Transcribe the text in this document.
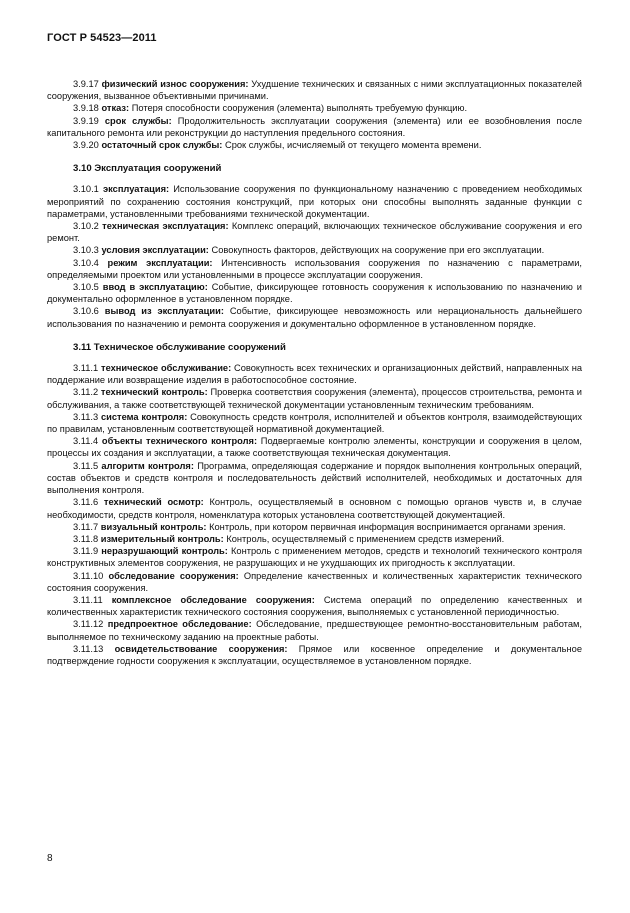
ГОСТ Р 54523—2011

3.9.17 физический износ сооружения: Ухудшение технических и связанных с ними эксплуатационных показателей сооружения, вызванное объективными причинами.

3.9.18 отказ: Потеря способности сооружения (элемента) выполнять требуемую функцию.

3.9.19 срок службы: Продолжительность эксплуатации сооружения (элемента) или ее возобновления после капитального ремонта или реконструкции до наступления предельного состояния.

3.9.20 остаточный срок службы: Срок службы, исчисляемый от текущего момента времени.

3.10 Эксплуатация сооружений

3.10.1 эксплуатация: Использование сооружения по функциональному назначению с проведением необходимых мероприятий по сохранению состояния конструкций, при которых они способны выполнять заданные функции с параметрами, установленными требованиями технической документации.

3.10.2 техническая эксплуатация: Комплекс операций, включающих техническое обслуживание сооружения и его ремонт.

3.10.3 условия эксплуатации: Совокупность факторов, действующих на сооружение при его эксплуатации.

3.10.4 режим эксплуатации: Интенсивность использования сооружения по назначению с параметрами, определяемыми проектом или установленными в процессе эксплуатации сооружения.

3.10.5 ввод в эксплуатацию: Событие, фиксирующее готовность сооружения к использованию по назначению и документально оформленное в установленном порядке.

3.10.6 вывод из эксплуатации: Событие, фиксирующее невозможность или нерациональность дальнейшего использования по назначению и ремонта сооружения и документально оформленное в установленном порядке.

3.11 Техническое обслуживание сооружений

3.11.1 техническое обслуживание: Совокупность всех технических и организационных действий, направленных на поддержание или возвращение изделия в работоспособное состояние.

3.11.2 технический контроль: Проверка соответствия сооружения (элемента), процессов строительства, ремонта и обслуживания, а также соответствующей технической документации установленным техническим требованиям.

3.11.3 система контроля: Совокупность средств контроля, исполнителей и объектов контроля, взаимодействующих по правилам, установленным соответствующей нормативной документацией.

3.11.4 объекты технического контроля: Подвергаемые контролю элементы, конструкции и сооружения в целом, процессы их создания и эксплуатации, а также соответствующая техническая документация.

3.11.5 алгоритм контроля: Программа, определяющая содержание и порядок выполнения контрольных операций, состав объектов и средств контроля и последовательность действий исполнителей, необходимых и достаточных для выполнения контроля.

3.11.6 технический осмотр: Контроль, осуществляемый в основном с помощью органов чувств и, в случае необходимости, средств контроля, номенклатура которых установлена соответствующей документацией.

3.11.7 визуальный контроль: Контроль, при котором первичная информация воспринимается органами зрения.

3.11.8 измерительный контроль: Контроль, осуществляемый с применением средств измерений.

3.11.9 неразрушающий контроль: Контроль с применением методов, средств и технологий технического контроля конструктивных элементов сооружения, не разрушающих и не ухудшающих их пригодность к эксплуатации.

3.11.10 обследование сооружения: Определение качественных и количественных характеристик технического состояния сооружения.

3.11.11 комплексное обследование сооружения: Система операций по определению качественных и количественных характеристик технического состояния сооружения, выполняемых с установленной периодичностью.

3.11.12 предпроектное обследование: Обследование, предшествующее ремонтно-восстановительным работам, выполняемое по техническому заданию на проектные работы.

3.11.13 освидетельствование сооружения: Прямое или косвенное определение и документальное подтверждение годности сооружения к эксплуатации, осуществляемое в установленном порядке.

8
